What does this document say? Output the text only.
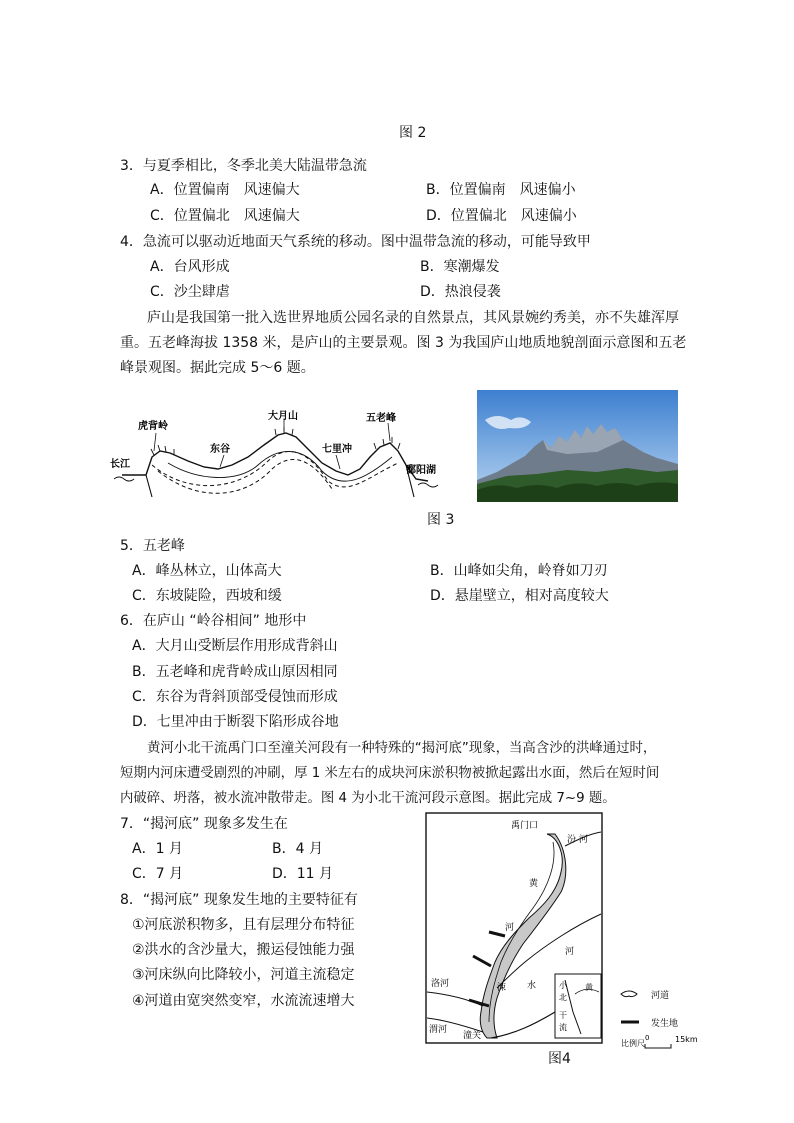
图 2
3．与夏季相比，冬季北美大陆温带急流
A．位置偏南　风速偏大	B．位置偏南　风速偏小
C．位置偏北　风速偏大	D．位置偏北　风速偏小
4．急流可以驱动近地面天气系统的移动。图中温带急流的移动，可能导致甲
A．台风形成	B．寒潮爆发
C．沙尘肆虐	D．热浪侵袭
庐山是我国第一批入选世界地质公园名录的自然景点，其风景婉约秀美，亦不失雄浑厚
重。五老峰海拔 1358 米，是庐山的主要景观。图 3 为我国庐山地质地貌剖面示意图和五老
峰景观图。据此完成 5～6 题。
虎背岭
大月山	五老峰
东谷	七里冲
长江
鄱阳湖
图 3
5．五老峰
A．峰丛林立，山体高大	B．山峰如尖角，岭脊如刀刃
C．东坡陡险，西坡和缓	D．悬崖壁立，相对高度较大
6．在庐山 “岭谷相间” 地形中
A．大月山受断层作用形成背斜山
B．五老峰和虎背岭成山原因相同
C．东谷为背斜顶部受侵蚀而形成
D．七里冲由于断裂下陷形成谷地
黄河小北干流禹门口至潼关河段有一种特殊的“揭河底”现象，当高含沙的洪峰通过时，
短期内河床遭受剧烈的冲刷，厚 1 米左右的成块河床淤积物被掀起露出水面，然后在短时间
内破碎、坍落，被水流冲散带走。图 4 为小北干流河段示意图。据此完成 7~9 题。
7．“揭河底” 现象多发生在
A．1 月	B．4 月
C．7 月	D．11 月
8．“揭河底” 现象发生地的主要特征有
①河底淤积物多，且有层理分布特征
②洪水的含沙量大，搬运侵蚀能力强
③河床纵向比降较小，河道主流稳定
④河道由宽突然变窄，水流流速增大
禹门口
汾 河
黄
河
河
水
涑
洛河
渭河
潼关
小
北
干
流
黄
河道
发生地
比例尺
0	15km
图4
